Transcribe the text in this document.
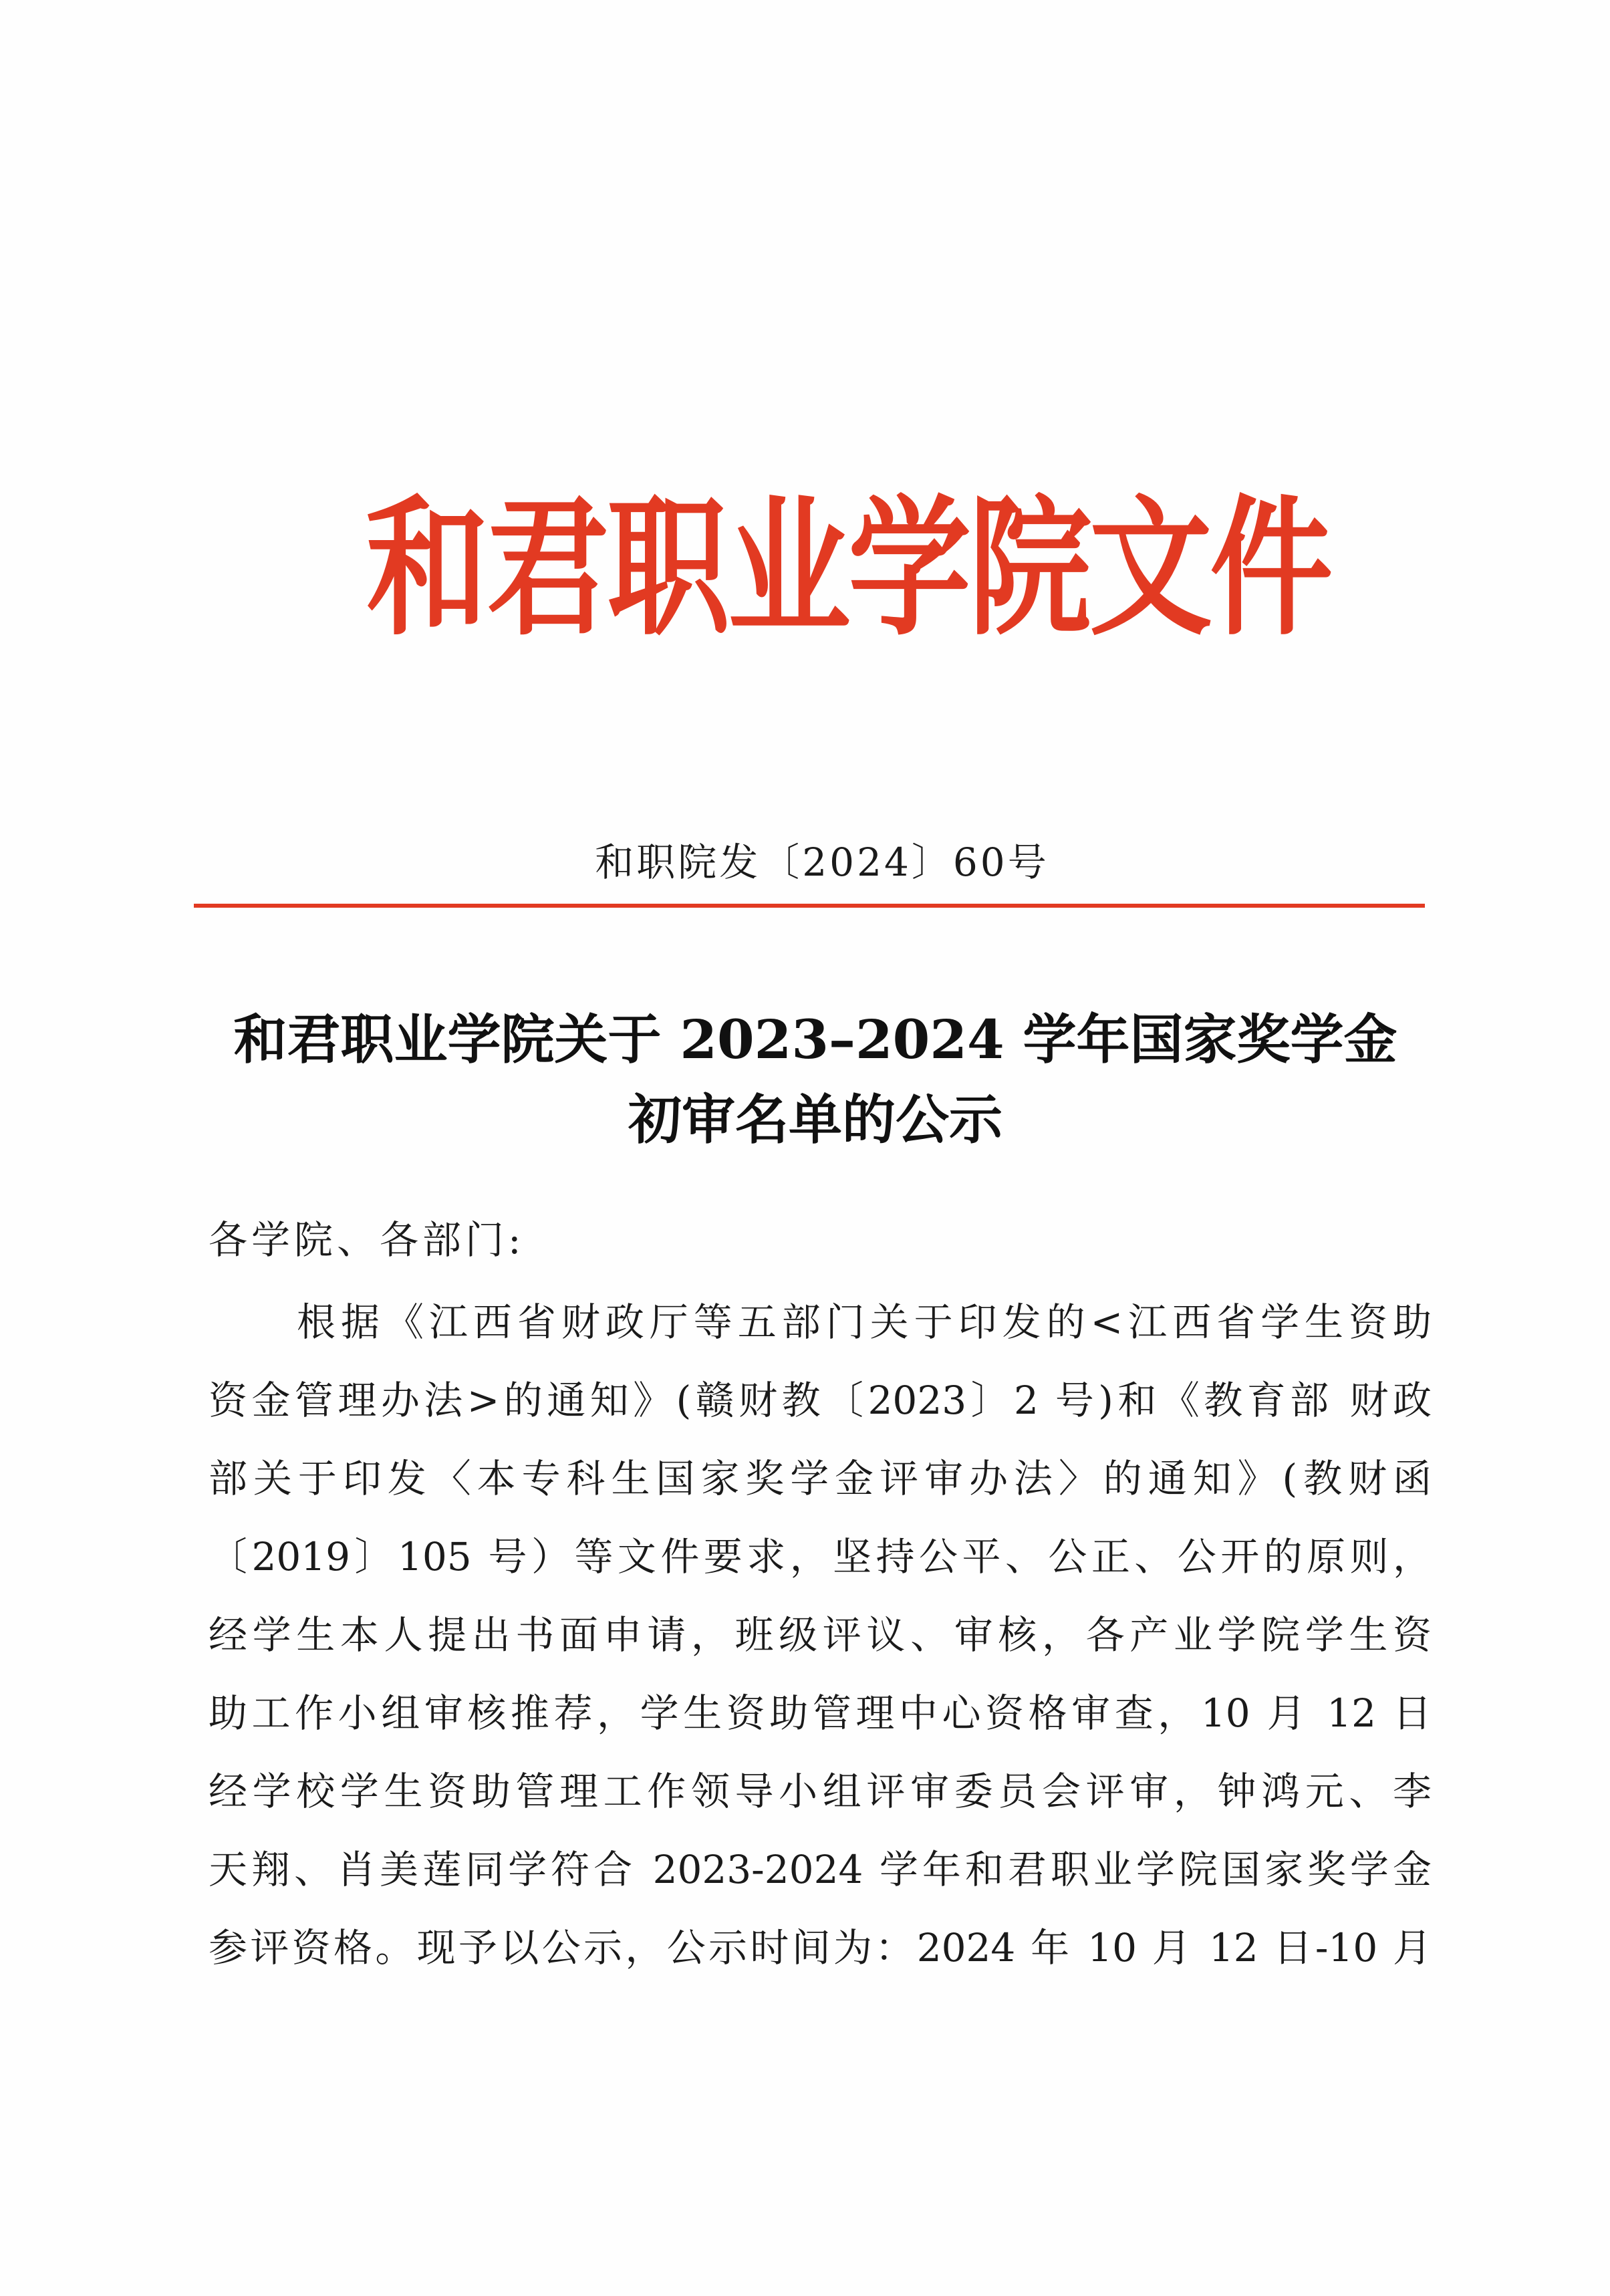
和君职业学院文件
和职院发〔2024〕60号
和君职业学院关于 2023–2024 学年国家奖学金
初审名单的公示
各学院、各部门:
根据《江西省财政厅等五部门关于印发的<江西省学生资助
资金管理办法>的通知》(赣财教〔2023〕2 号)和《教育部 财政
部关于印发〈本专科生国家奖学金评审办法〉的通知》(教财函
〔2019〕105 号）等文件要求，坚持公平、公正、公开的原则，
经学生本人提出书面申请，班级评议、审核，各产业学院学生资
助工作小组审核推荐，学生资助管理中心资格审查，10 月 12 日
经学校学生资助管理工作领导小组评审委员会评审，钟鸿元、李
天翔、肖美莲同学符合 2023-2024 学年和君职业学院国家奖学金
参评资格。现予以公示，公示时间为：2024 年 10 月 12 日-10 月
